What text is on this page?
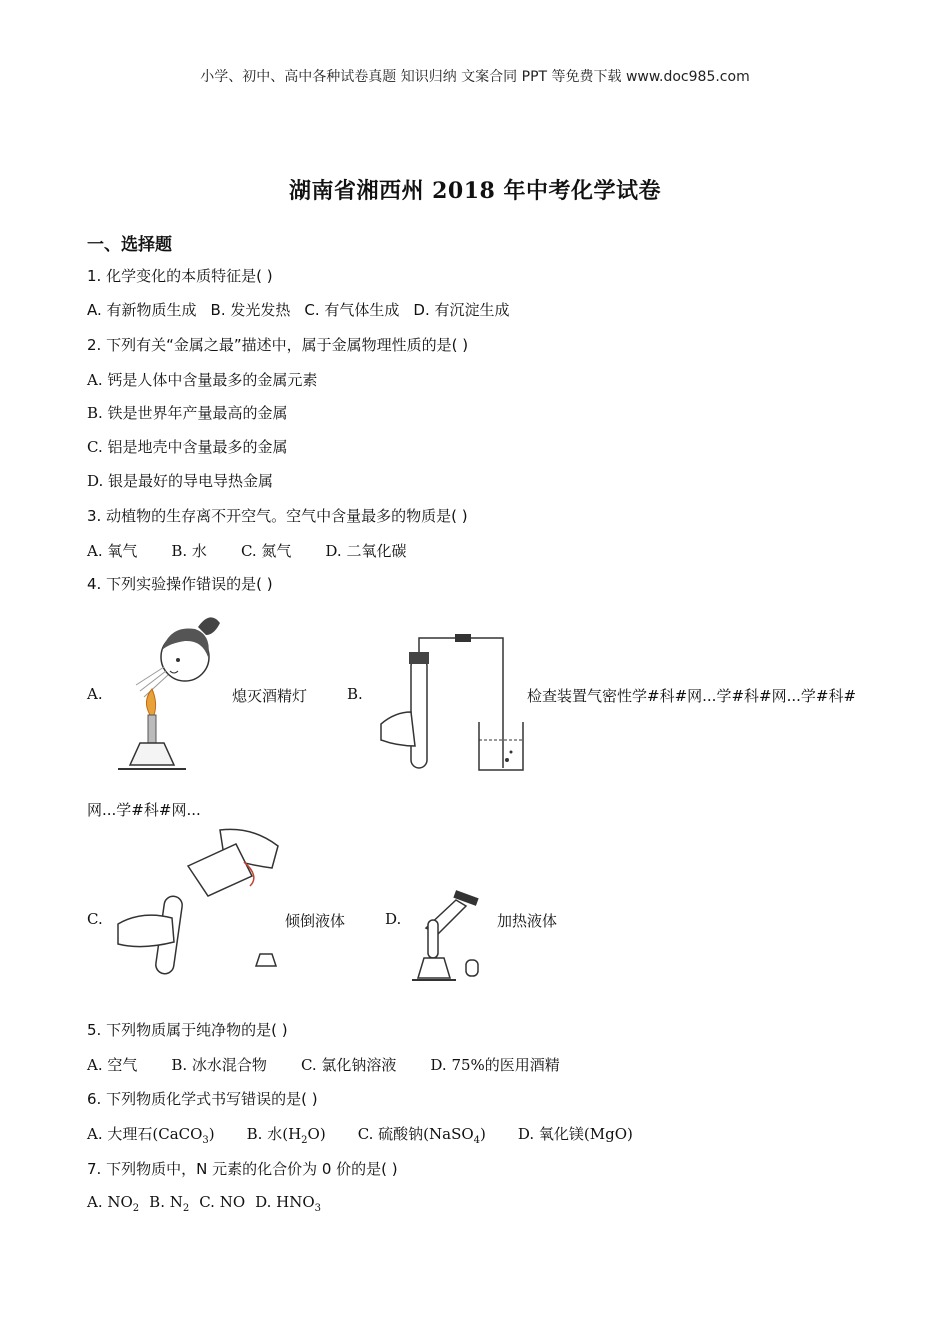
小学、初中、高中各种试卷真题 知识归纳 文案合同 PPT 等免费下载 www.doc985.com
湖南省湘西州 2018 年中考化学试卷
一、选择题
1. 化学变化的本质特征是( )
A. 有新物质生成 B. 发光发热 C. 有气体生成 D. 有沉淀生成
2. 下列有关“金属之最”描述中，属于金属物理性质的是( )
A. 钙是人体中含量最多的金属元素
B. 铁是世界年产量最高的金属
C. 铝是地壳中含量最多的金属
D. 银是最好的导电导热金属
3. 动植物的生存离不开空气。空气中含量最多的物质是( )
A. 氧气 B. 水 C. 氮气 D. 二氧化碳
4. 下列实验操作错误的是( )
A.	熄灭酒精灯	B.	检查装置气密性学#科#网...学#科#网...学#科#
网...学#科#网...
C.	倾倒液体	D.	加热液体
5. 下列物质属于纯净物的是( )
A. 空气 B. 冰水混合物 C. 氯化钠溶液 D. 75%的医用酒精
6. 下列物质化学式书写错误的是( )
A. 大理石(CaCO$_3$) B. 水$(H_2O)$ C. 硫酸钠(NaSO$_4$) D. 氧化镁(MgO)
7. 下列物质中，N 元素的化合价为 0 价的是( )
A. $NO_2$ B. $N_2$ C. NO D. $HNO_3$
